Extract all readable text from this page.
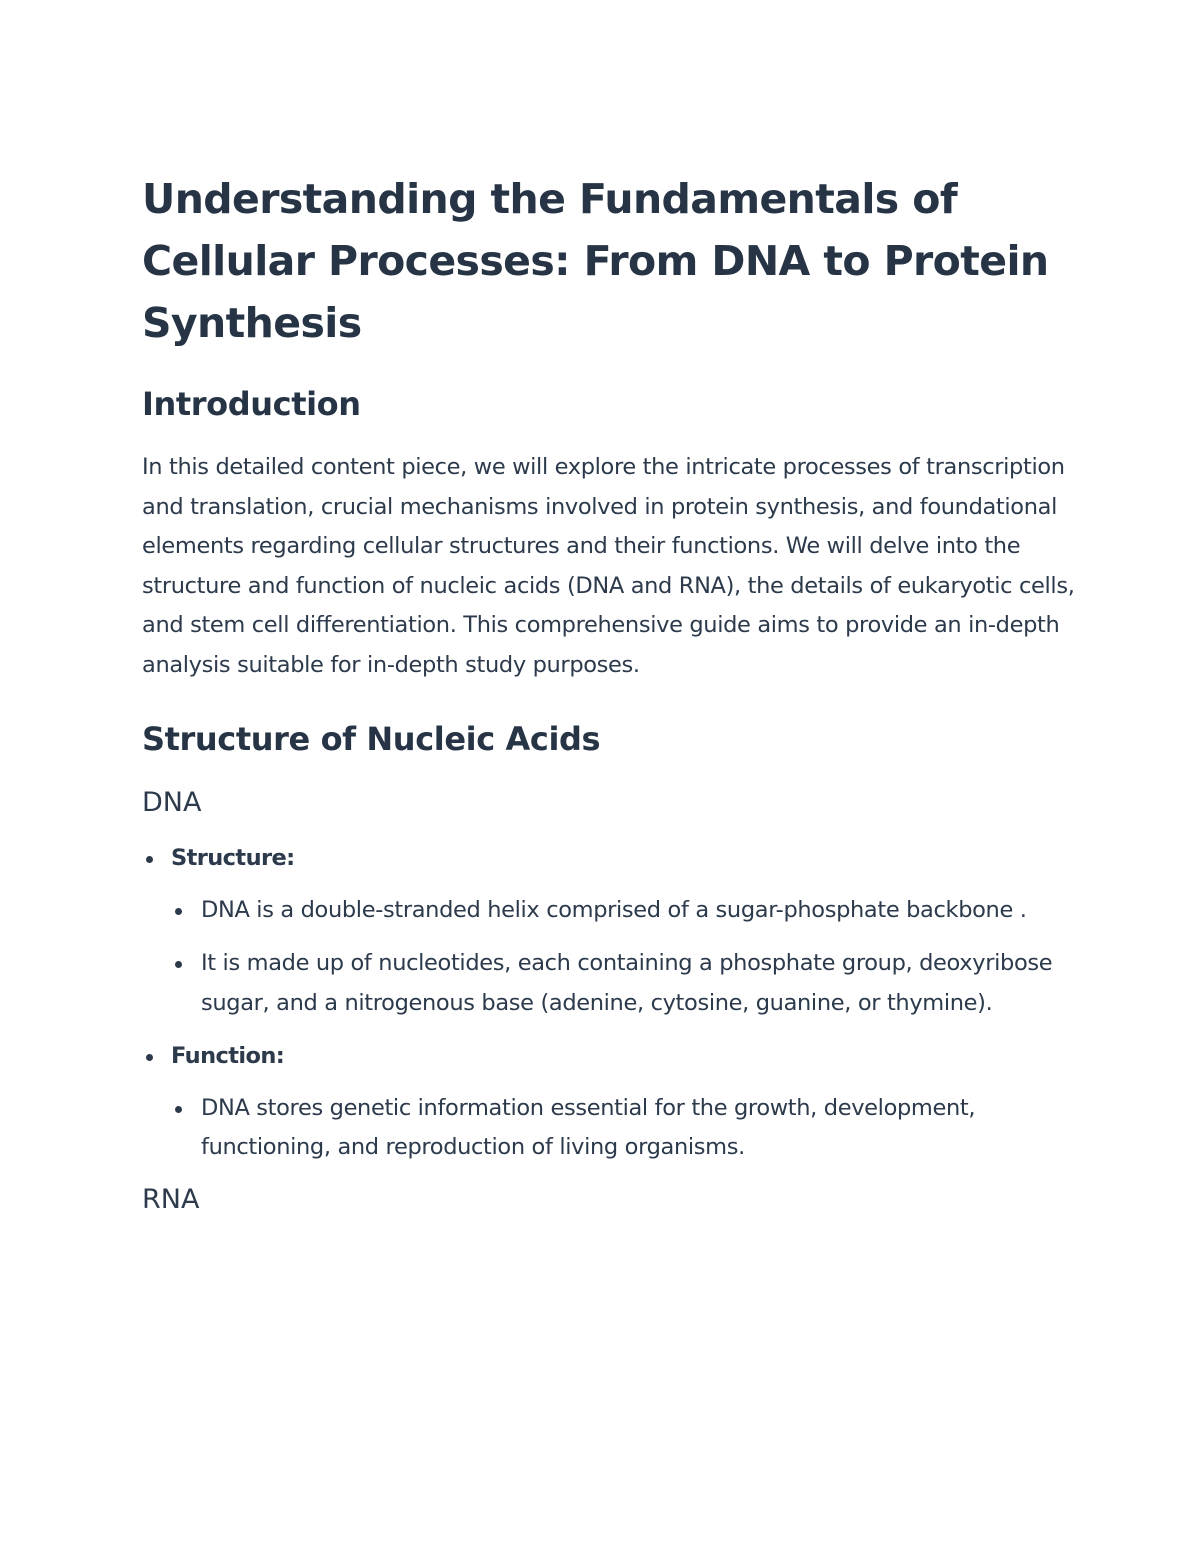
Understanding the Fundamentals of Cellular Processes: From DNA to Protein Synthesis
Introduction

In this detailed content piece, we will explore the intricate processes of transcription and translation, crucial mechanisms involved in protein synthesis, and foundational elements regarding cellular structures and their functions. We will delve into the structure and function of nucleic acids (DNA and RNA), the details of eukaryotic cells, and stem cell differentiation. This comprehensive guide aims to provide an in-depth analysis suitable for in-depth study purposes.

Structure of Nucleic Acids
DNA
Structure:
DNA is a double-stranded helix comprised of a sugar-phosphate backbone .
It is made up of nucleotides, each containing a phosphate group, deoxyribose sugar, and a nitrogenous base (adenine, cytosine, guanine, or thymine).
Function:
DNA stores genetic information essential for the growth, development, functioning, and reproduction of living organisms.
RNA
